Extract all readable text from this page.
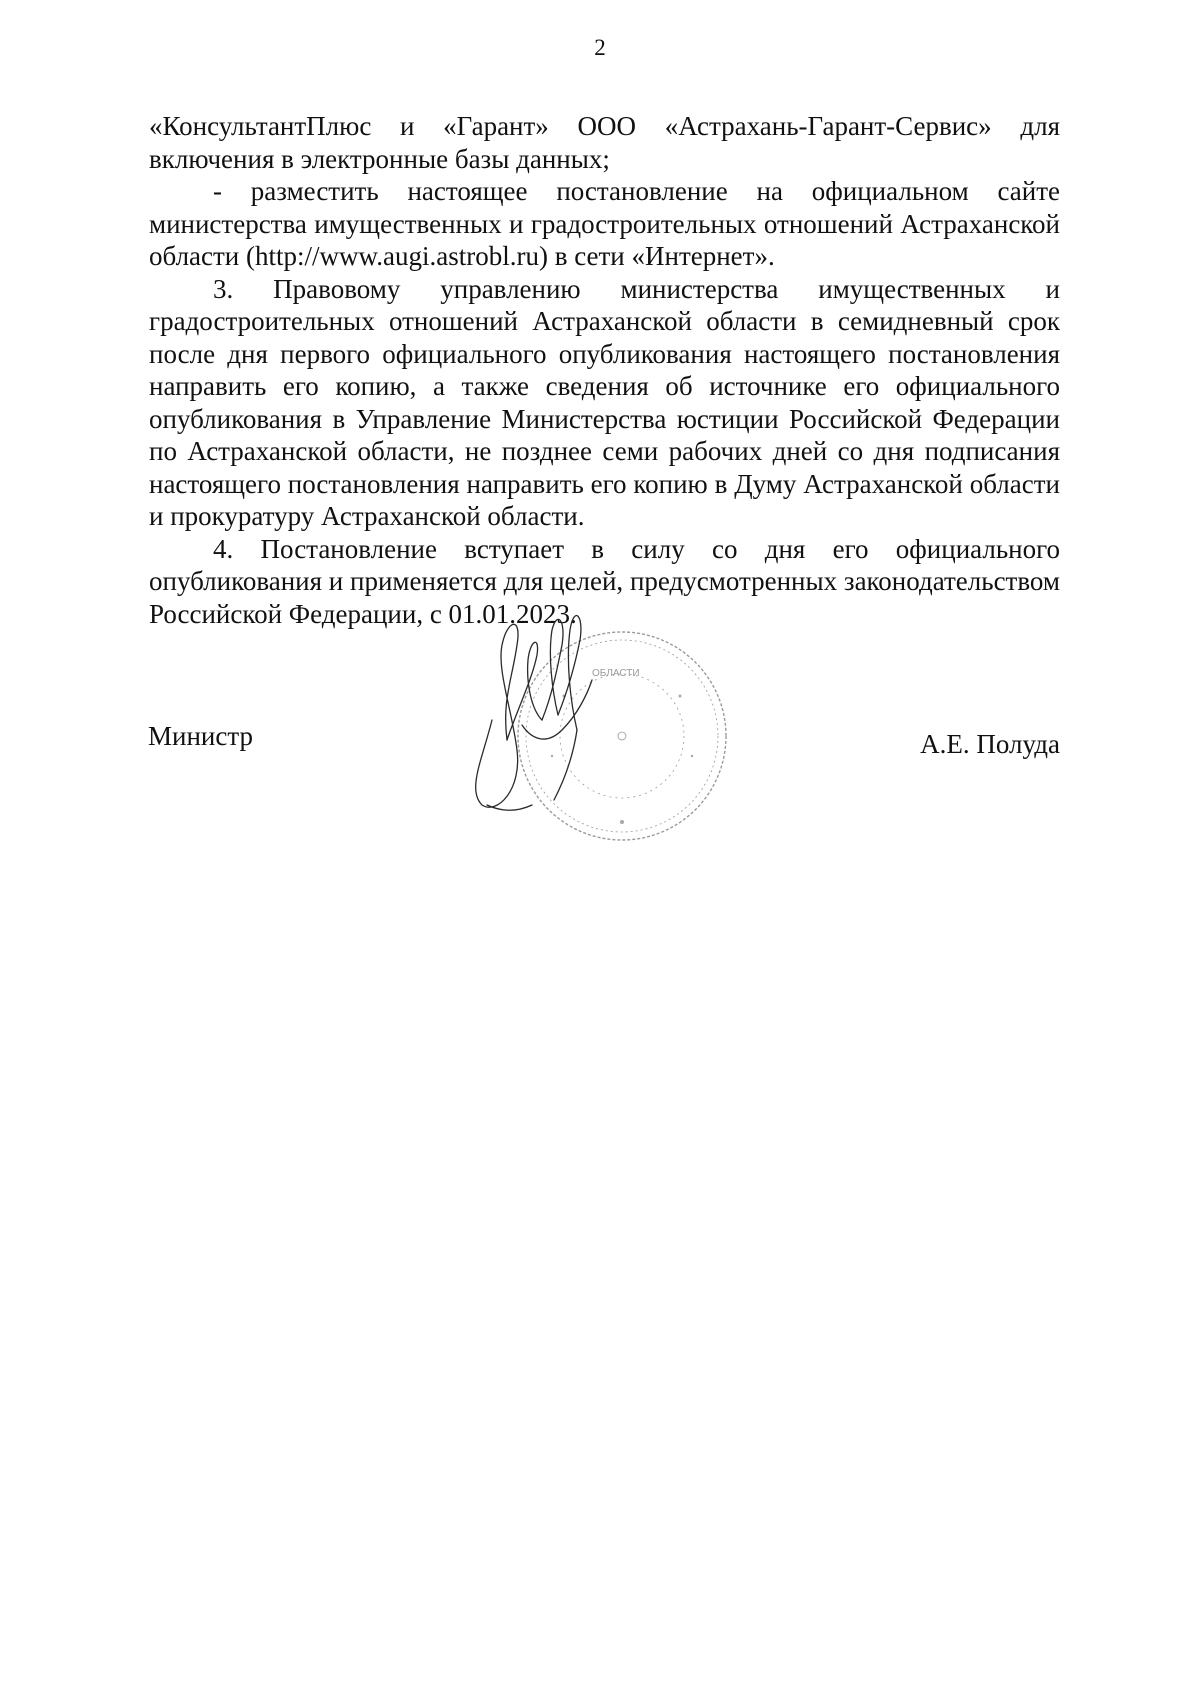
2

«КонсультантПлюс и «Гарант» ООО «Астрахань-Гарант-Сервис» для включения в электронные базы данных;

- разместить настоящее постановление на официальном сайте министерства имущественных и градостроительных отношений Астраханской области (http://www.augi.astrobl.ru) в сети «Интернет».

3. Правовому управлению министерства имущественных и градостроительных отношений Астраханской области в семидневный срок после дня первого официального опубликования настоящего постановления направить его копию, а также сведения об источнике его официального опубликования в Управление Министерства юстиции Российской Федерации по Астраханской области, не позднее семи рабочих дней со дня подписания настоящего постановления направить его копию в Думу Астраханской области и прокуратуру Астраханской области.

4. Постановление вступает в силу со дня его официального опубликования и применяется для целей, предусмотренных законодательством Российской Федерации, с 01.01.2023.

Министр
ОБЛАСТИ
А.Е. Полуда
